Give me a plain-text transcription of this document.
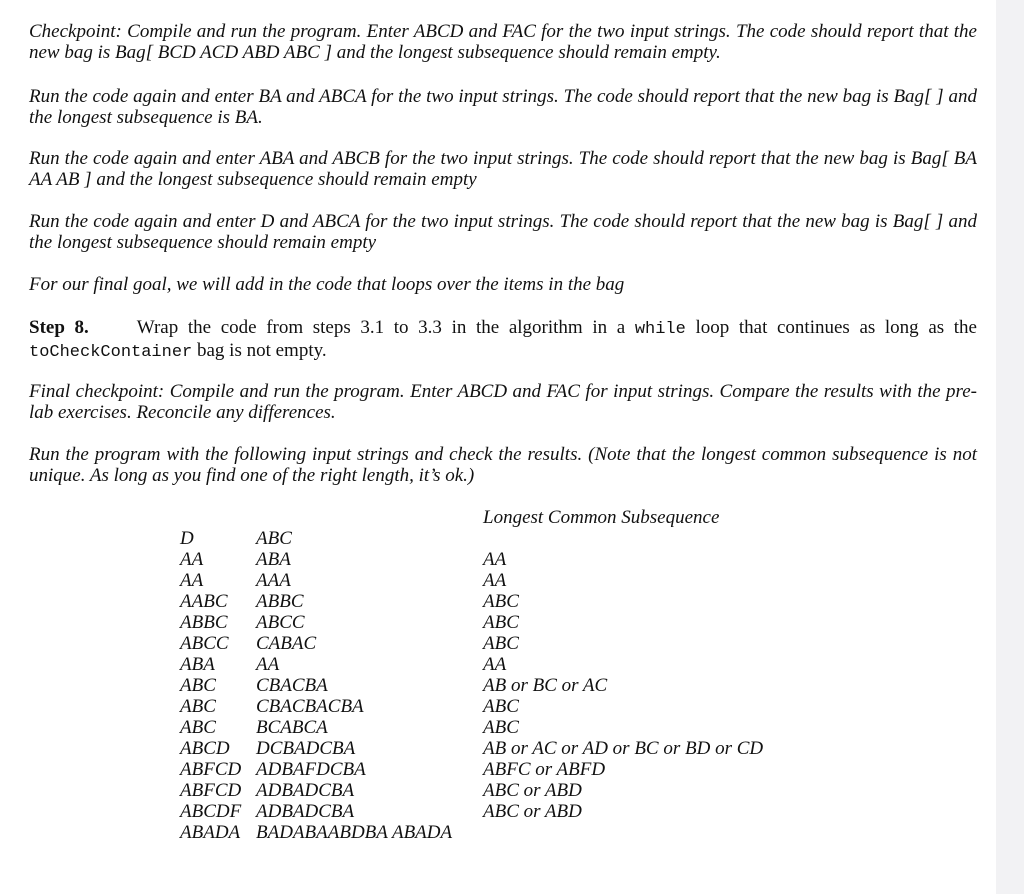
Checkpoint: Compile and run the program. Enter ABCD and FAC for the two input strings. The code should report that the new bag is Bag[ BCD ACD ABD ABC ] and the longest subsequence should remain empty.

Run the code again and enter BA and ABCA for the two input strings. The code should report that the new bag is Bag[ ] and the longest subsequence is BA.

Run the code again and enter ABA and ABCB for the two input strings. The code should report that the new bag is Bag[ BA AA AB ] and the longest subsequence should remain empty

Run the code again and enter D and ABCA for the two input strings. The code should report that the new bag is Bag[ ] and the longest subsequence should remain empty

For our final goal, we will add in the code that loops over the items in the bag

Step 8.	Wrap the code from steps 3.1 to 3.3 in the algorithm in a while loop that continues as long as the toCheckContainer bag is not empty.

Final checkpoint: Compile and run the program. Enter ABCD and FAC for input strings. Compare the results with the pre-lab exercises. Reconcile any differences.

Run the program with the following input strings and check the results. (Note that the longest common subsequence is not unique. As long as you find one of the right length, it’s ok.)

Longest Common Subsequence
D	ABC
AA	ABA	AA
AA	AAA	AA
AABC ABBC	ABC
ABBC ABCC	ABC
ABCC CABAC	ABC
ABA AA	AA
ABC CBACBA	AB or BC or AC
ABC CBACBACBA	ABC
ABC BCABCA	ABC
ABCD DCBADCBA	AB or AC or AD or BC or BD or CD
ABFCD ADBAFDCBA	ABFC or ABFD
ABFCD ADBADCBA	ABC or ABD
ABCDF ADBADCBA	ABC or ABD
ABADA BADABAABDBA ABADA
